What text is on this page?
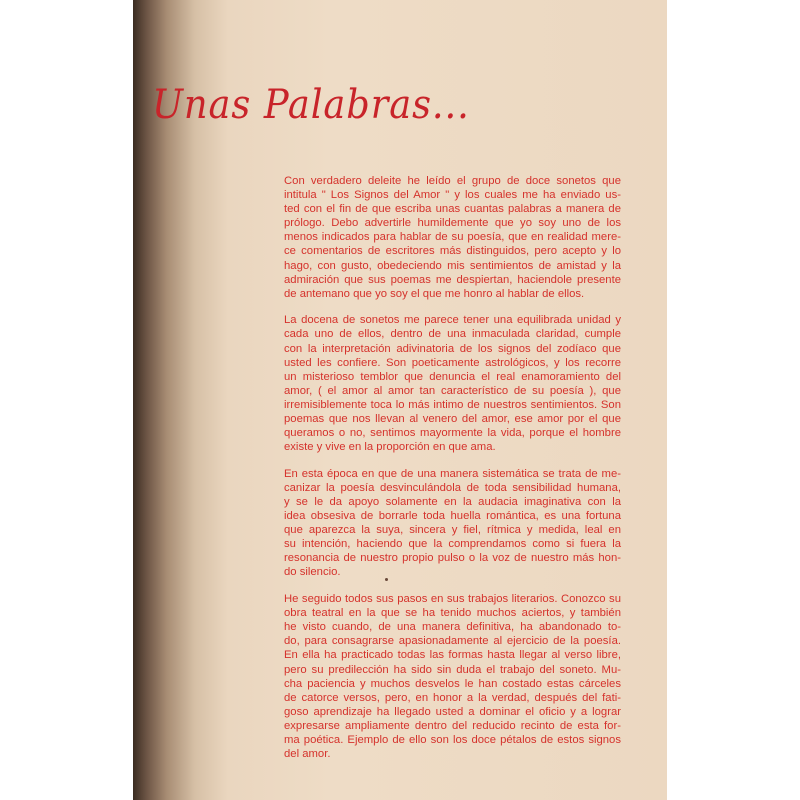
Unas Palabras...
Con verdadero deleite he leído el grupo de doce sonetos que
intitula " Los Signos del Amor " y los cuales me ha enviado us-
ted con el fin de que escriba unas cuantas palabras a manera de
prólogo. Debo advertirle humildemente que yo soy uno de los
menos indicados para hablar de su poesía, que en realidad mere-
ce comentarios de escritores más distinguidos, pero acepto y lo
hago, con gusto, obedeciendo mis sentimientos de amistad y la
admiración que sus poemas me despiertan, haciendole presente
de antemano que yo soy el que me honro al hablar de ellos.
La docena de sonetos me parece tener una equilibrada unidad y
cada uno de ellos, dentro de una inmaculada claridad, cumple
con la interpretación adivinatoria de los signos del zodíaco que
usted les confiere. Son poeticamente astrológicos, y los recorre
un misterioso temblor que denuncia el real enamoramiento del
amor, ( el amor al amor tan característico de su poesía ), que
irremisiblemente toca lo más intimo de nuestros sentimientos. Son
poemas que nos llevan al venero del amor, ese amor por el que
queramos o no, sentimos mayormente la vida, porque el hombre
existe y vive en la proporción en que ama.
En esta época en que de una manera sistemática se trata de me-
canizar la poesía desvinculándola de toda sensibilidad humana,
y se le da apoyo solamente en la audacia imaginativa con la
idea obsesiva de borrarle toda huella romántica, es una fortuna
que aparezca la suya, sincera y fiel, rítmica y medida, leal en
su intención, haciendo que la comprendamos como si fuera la
resonancia de nuestro propio pulso o la voz de nuestro más hon-
do silencio.
He seguido todos sus pasos en sus trabajos literarios. Conozco su
obra teatral en la que se ha tenido muchos aciertos, y también
he visto cuando, de una manera definitiva, ha abandonado to-
do, para consagrarse apasionadamente al ejercicio de la poesía.
En ella ha practicado todas las formas hasta llegar al verso libre,
pero su predilección ha sido sin duda el trabajo del soneto. Mu-
cha paciencia y muchos desvelos le han costado estas cárceles
de catorce versos, pero, en honor a la verdad, después del fati-
goso aprendizaje ha llegado usted a dominar el oficio y a lograr
expresarse ampliamente dentro del reducido recinto de esta for-
ma poética. Ejemplo de ello son los doce pétalos de estos signos
del amor.
